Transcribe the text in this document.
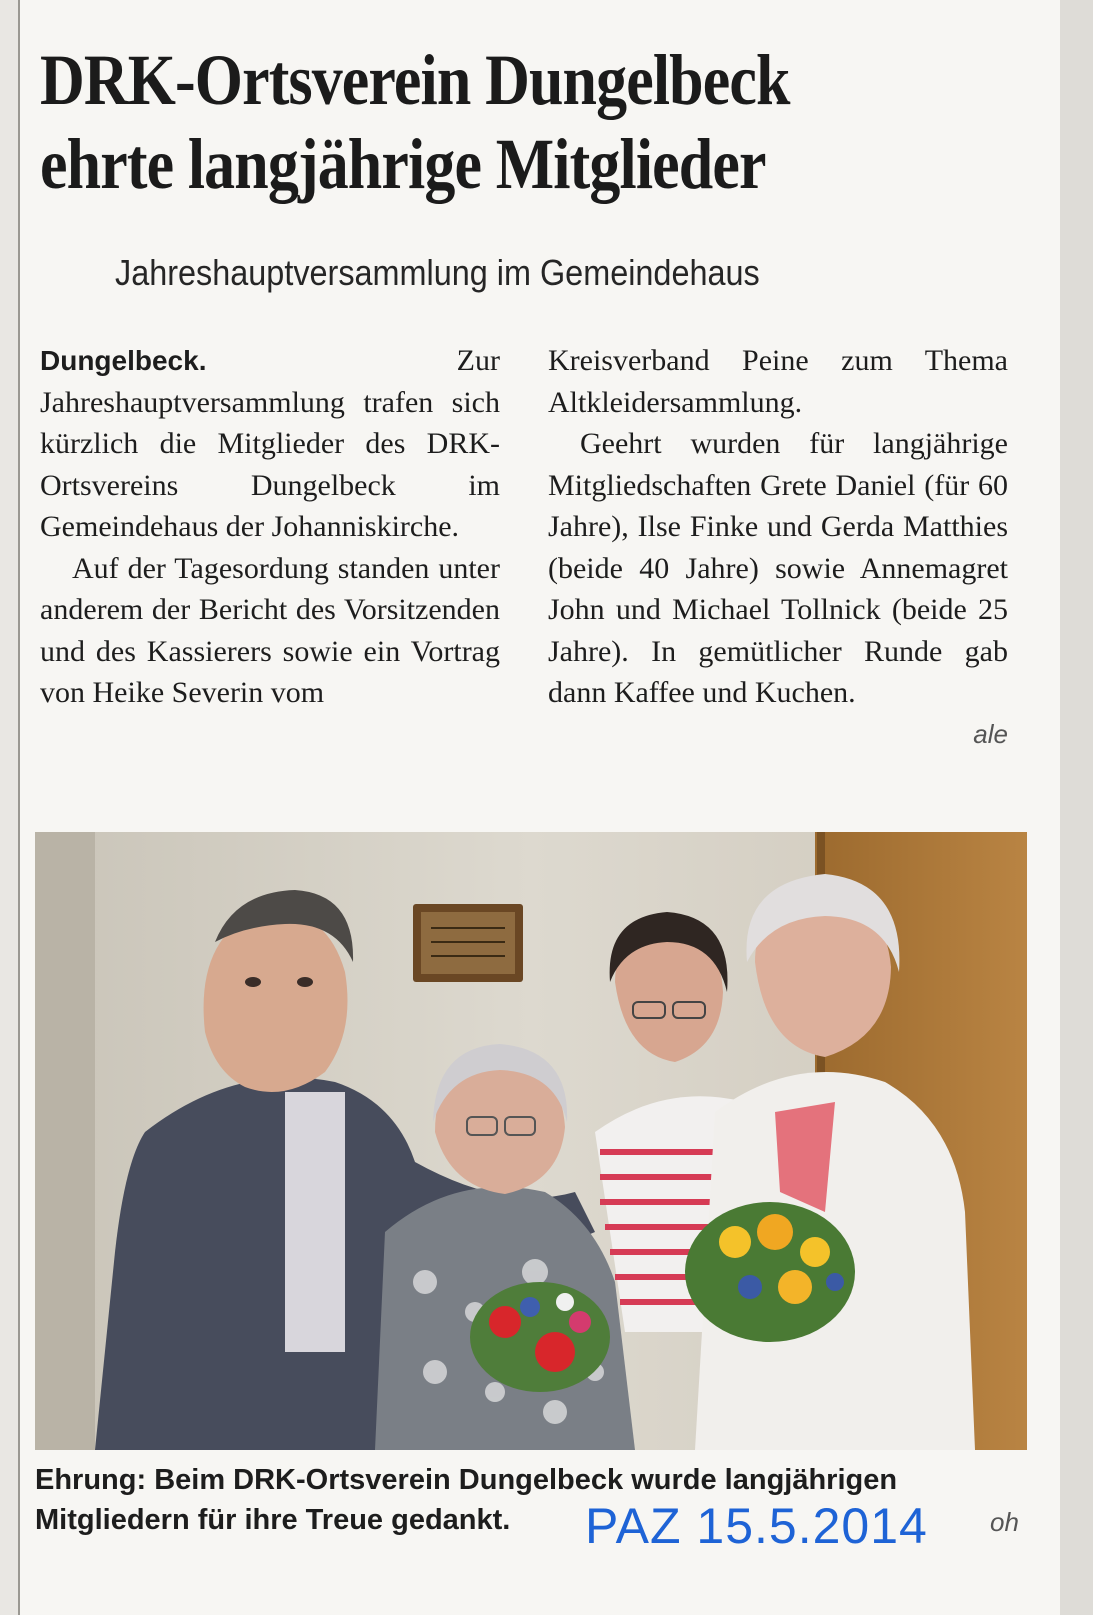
DRK-Ortsverein Dungelbeck
ehrte langjährige Mitglieder
Jahreshauptversammlung im Gemeindehaus

Dungelbeck.	Zur Jahreshauptversammlung trafen sich kürzlich die Mitglieder des DRK-Ortsvereins Dungelbeck im Gemeindehaus der Johanniskirche.

Auf der Tagesordung standen unter anderem der Bericht des Vorsitzenden und des Kassierers sowie ein Vortrag von Heike Severin vom

Kreisverband Peine zum Thema Altkleidersammlung.

Geehrt wurden für langjährige Mitgliedschaften Grete Daniel (für 60 Jahre), Ilse Finke und Gerda Matthies (beide 40 Jahre) sowie Annemagret John und Michael Tollnick (beide 25 Jahre). In gemütlicher Runde gab dann Kaffee und Kuchen.

ale
Ehrung: Beim DRK-Ortsverein Dungelbeck wurde langjährigen
Mitgliedern für ihre Treue gedankt.	PAZ 15.5.2014 oh
